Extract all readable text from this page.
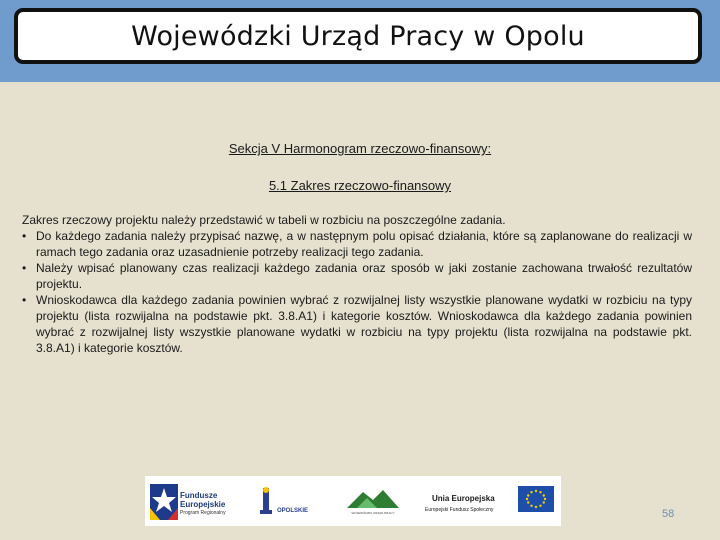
Wojewódzki Urząd Pracy w Opolu
Sekcja V Harmonogram rzeczowo-finansowy:
5.1 Zakres rzeczowo-finansowy

Zakres rzeczowy projektu należy przedstawić w tabeli w rozbiciu na poszczególne zadania.

• Do każdego zadania należy przypisać nazwę, a w następnym polu opisać działania, które są zaplanowane do realizacji w ramach tego zadania oraz uzasadnienie potrzeby realizacji tego zadania.
• Należy wpisać planowany czas realizacji każdego zadania oraz sposób w jaki zostanie zachowana trwałość rezultatów projektu.
• Wnioskodawca dla każdego zadania powinien wybrać z rozwijalnej listy wszystkie planowane wydatki w rozbiciu na typy projektu (lista rozwijalna na podstawie pkt. 3.8.A1) i kategorie kosztów. Wnioskodawca dla każdego zadania powinien wybrać z rozwijalnej listy wszystkie planowane wydatki w rozbiciu na typy projektu (lista rozwijalna na podstawie pkt. 3.8.A1) i kategorie kosztów.
Fundusze
Europejskie
Program Regionalny	OPOLSKIE	WOJEWÓDZKI URZĄD PRACY
Unia Europejska
Europejski Fundusz Społeczny	58
